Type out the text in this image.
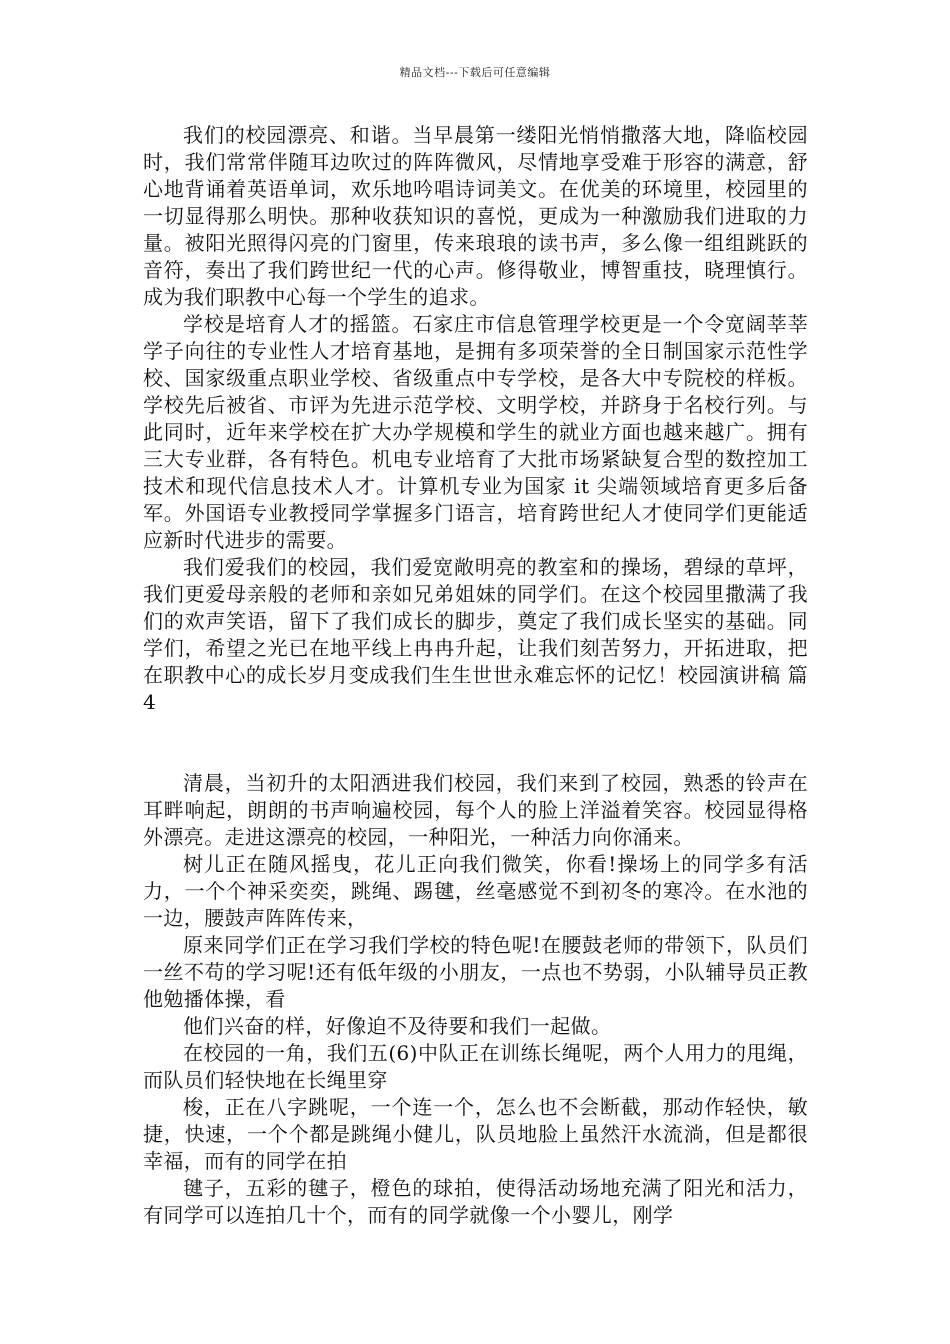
精品文档---下载后可任意编辑

我们的校园漂亮、和谐。当早晨第一缕阳光悄悄撒落大地，降临校园时，我们常常伴随耳边吹过的阵阵微风，尽情地享受难于形容的满意，舒心地背诵着英语单词，欢乐地吟唱诗词美文。在优美的环境里，校园里的一切显得那么明快。那种收获知识的喜悦，更成为一种激励我们进取的力量。被阳光照得闪亮的门窗里，传来琅琅的读书声，多么像一组组跳跃的音符，奏出了我们跨世纪一代的心声。修得敬业，博智重技，晓理慎行。成为我们职教中心每一个学生的追求。

学校是培育人才的摇篮。石家庄市信息管理学校更是一个令宽阔莘莘学子向往的专业性人才培育基地，是拥有多项荣誉的全日制国家示范性学校、国家级重点职业学校、省级重点中专学校，是各大中专院校的样板。学校先后被省、市评为先进示范学校、文明学校，并跻身于名校行列。与此同时，近年来学校在扩大办学规模和学生的就业方面也越来越广。拥有三大专业群，各有特色。机电专业培育了大批市场紧缺复合型的数控加工技术和现代信息技术人才。计算机专业为国家 it 尖端领域培育更多后备军。外国语专业教授同学掌握多门语言，培育跨世纪人才使同学们更能适应新时代进步的需要。

我们爱我们的校园，我们爱宽敞明亮的教室和的操场，碧绿的草坪，我们更爱母亲般的老师和亲如兄弟姐妹的同学们。在这个校园里撒满了我们的欢声笑语，留下了我们成长的脚步，奠定了我们成长坚实的基础。同学们，希望之光已在地平线上冉冉升起，让我们刻苦努力，开拓进取，把在职教中心的成长岁月变成我们生生世世永难忘怀的记忆！校园演讲稿 篇 4

清晨，当初升的太阳洒进我们校园，我们来到了校园，熟悉的铃声在耳畔响起，朗朗的书声响遍校园，每个人的脸上洋溢着笑容。校园显得格外漂亮。走进这漂亮的校园，一种阳光，一种活力向你涌来。

树儿正在随风摇曳，花儿正向我们微笑，你看!操场上的同学多有活力，一个个神采奕奕，跳绳、踢毽，丝毫感觉不到初冬的寒冷。在水池的一边，腰鼓声阵阵传来，

原来同学们正在学习我们学校的特色呢!在腰鼓老师的带领下，队员们一丝不苟的学习呢!还有低年级的小朋友，一点也不势弱，小队辅导员正教他勉播体操，看

他们兴奋的样，好像迫不及待要和我们一起做。

在校园的一角，我们五(6)中队正在训练长绳呢，两个人用力的甩绳，而队员们轻快地在长绳里穿

梭，正在八字跳呢，一个连一个，怎么也不会断截，那动作轻快，敏捷，快速，一个个都是跳绳小健儿，队员地脸上虽然汗水流淌，但是都很幸福，而有的同学在拍

毽子，五彩的毽子，橙色的球拍，使得活动场地充满了阳光和活力，有同学可以连拍几十个，而有的同学就像一个小婴儿，刚学
